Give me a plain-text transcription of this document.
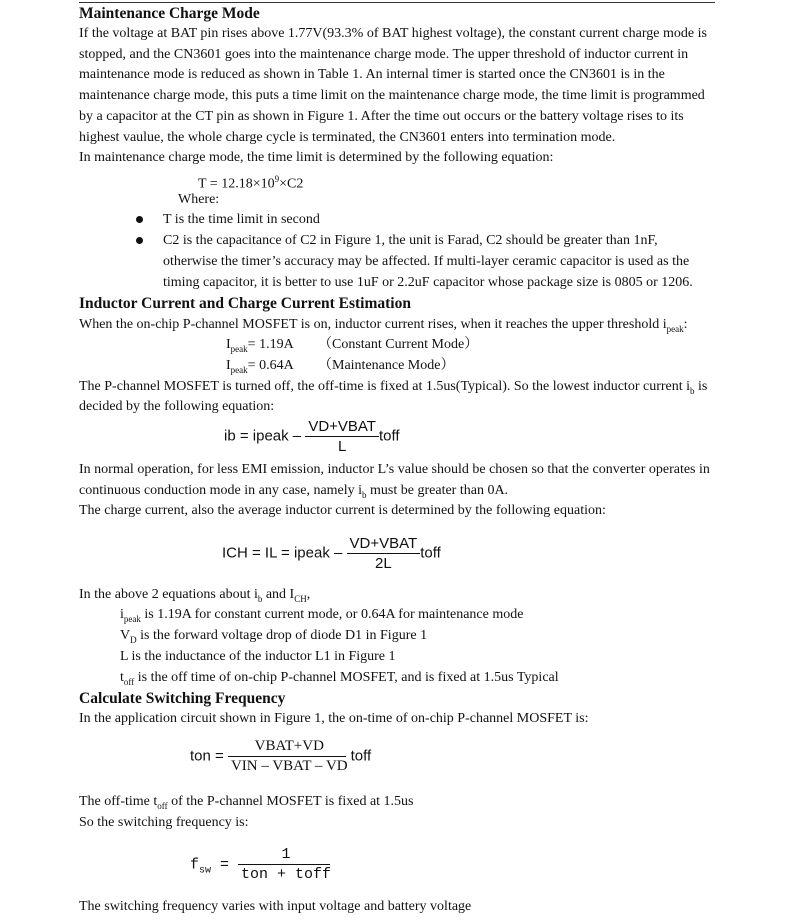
Maintenance Charge Mode
If the voltage at BAT pin rises above 1.77V(93.3% of BAT highest voltage), the constant current charge mode is
stopped, and the CN3601 goes into the maintenance charge mode. The upper threshold of inductor current in
maintenance mode is reduced as shown in Table 1. An internal timer is started once the CN3601 is in the
maintenance charge mode, this puts a time limit on the maintenance charge mode, the time limit is programmed
by a capacitor at the CT pin as shown in Figure 1. After the time out occurs or the battery voltage rises to its
highest vaulue, the whole charge cycle is terminated, the CN3601 enters into termination mode.
In maintenance charge mode, the time limit is determined by the following equation:
$T = 12.18\times 10^9\times C2$
Where:
T is the time limit in second
C2 is the capacitance of C2 in Figure 1, the unit is Farad, C2 should be greater than 1nF,
otherwise the timer’s accuracy may be affected. If multi-layer ceramic capacitor is used as the
timing capacitor, it is better to use 1uF or 2.2uF capacitor whose package size is 0805 or 1206.
Inductor Current and Charge Current Estimation
When the on-chip P-channel MOSFET is on, inductor current rises, when it reaches the upper threshold $i_{peak}$:
$I_{peak}= 1.19A$ （Constant Current Mode）
$I_{peak}= 0.64A$ （Maintenance Mode）
The P-channel MOSFET is turned off, the off-time is fixed at 1.5us(Typical). So the lowest inductor current $i_b$ is
decided by the following equation:
ib = ipeak – $\frac{\text{VD+VBAT}}{L}$ toff
In normal operation, for less EMI emission, inductor L’s value should be chosen so that the converter operates in
continuous conduction mode in any case, namely $i_b$ must be greater than 0A.
The charge current, also the average inductor current is determined by the following equation:
ICH = IL = ipeak – $\frac{\text{VD+VBAT}}{2L}$ toff
In the above 2 equations about $i_b$ and $I_{CH}$,
$i_{peak}$ is 1.19A for constant current mode, or 0.64A for maintenance mode
$V_D$ is the forward voltage drop of diode D1 in Figure 1
L is the inductance of the inductor L1 in Figure 1
$t_{off}$ is the off time of on-chip P-channel MOSFET, and is fixed at 1.5us Typical
Calculate Switching Frequency
In the application circuit shown in Figure 1, the on-time of on-chip P-channel MOSFET is:
ton = $\frac{\text{VBAT+VD}}{\text{VIN – VBAT – VD}}$ toff
The off-time $t_{off}$ of the P-channel MOSFET is fixed at 1.5us
So the switching frequency is:
$f_{sw} = \frac{1}{\text{ton + toff}}$
The switching frequency varies with input voltage and battery voltage
